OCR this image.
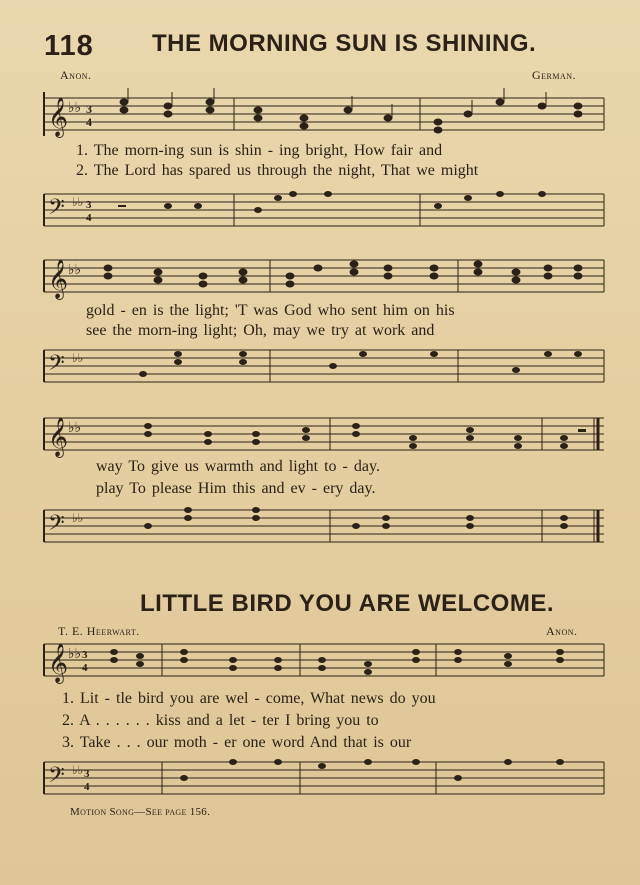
118 THE MORNING SUN IS SHINING.
Anon.	German.
𝄞 ♭♭ 3
4
1. The morn-ing sun is shin - ing bright, How fair and
2. The Lord has spared us through the night, That we might
𝄢 ♭♭ 3
4
𝄞 ♭♭
gold - en is the light; 'T was God who sent him on his
see the morn-ing light; Oh, may we try at work and
𝄢 ♭♭
𝄞 ♭♭
way To give us warmth and light to - day.
play To please Him this and ev - ery day.
𝄢 ♭♭
LITTLE BIRD YOU ARE WELCOME.
T. E. Heerwart.	Anon.
𝄞 ♭♭ 3
4
1. Lit - tle bird you are wel - come, What news do you
2. A . . . . . . kiss and a let - ter I bring you to
3. Take . . . our moth - er one word And that is our
𝄢 ♭♭ 3
4
Motion Song—See page 156.
